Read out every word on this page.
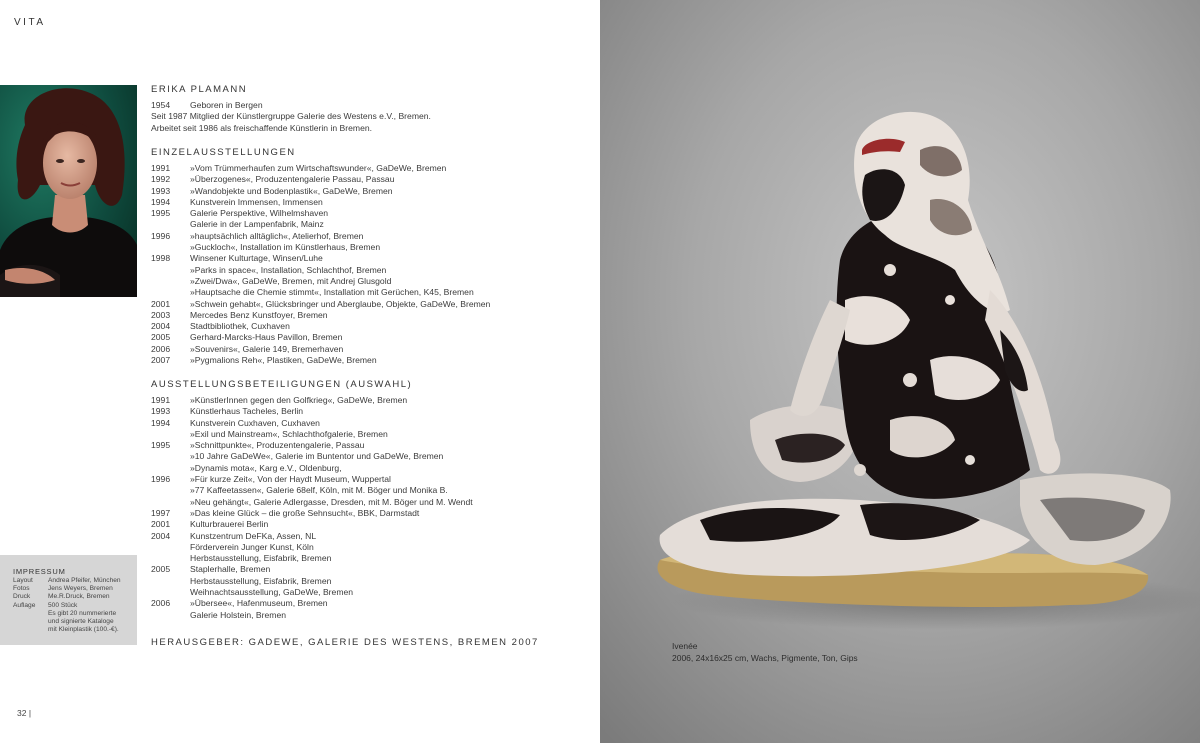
VITA
ERIKA PLAMANN
1954 Geboren in Bergen
Seit 1987 Mitglied der Künstlergruppe Galerie des Westens e.V., Bremen.
Arbeitet seit 1986 als freischaffende Künstlerin in Bremen.
EINZELAUSSTELLUNGEN
1991 »Vom Trümmerhaufen zum Wirtschaftswunder«, GaDeWe, Bremen
1992 »Überzogenes«, Produzentengalerie Passau, Passau
1993 »Wandobjekte und Bodenplastik«, GaDeWe, Bremen
1994 Kunstverein Immensen, Immensen
1995 Galerie Perspektive, Wilhelmshaven
Galerie in der Lampenfabrik, Mainz
1996 »hauptsächlich alltäglich«, Atelierhof, Bremen
»Guckloch«, Installation im Künstlerhaus, Bremen
1998 Winsener Kulturtage, Winsen/Luhe
»Parks in space«, Installation, Schlachthof, Bremen
»Zwei/Dwa«, GaDeWe, Bremen, mit Andrej Glusgold
»Hauptsache die Chemie stimmt«, Installation mit Gerüchen, K45, Bremen
2001 »Schwein gehabt«, Glücksbringer und Aberglaube, Objekte, GaDeWe, Bremen
2003 Mercedes Benz Kunstfoyer, Bremen
2004 Stadtbibliothek, Cuxhaven
2005 Gerhard-Marcks-Haus Pavillon, Bremen
2006 »Souvenirs«, Galerie 149, Bremerhaven
2007 »Pygmalions Reh«, Plastiken, GaDeWe, Bremen
AUSSTELLUNGSBETEILIGUNGEN (AUSWAHL)
1991 »KünstlerInnen gegen den Golfkrieg«, GaDeWe, Bremen
1993 Künstlerhaus Tacheles, Berlin
1994 Kunstverein Cuxhaven, Cuxhaven
»Exil und Mainstream«, Schlachthofgalerie, Bremen
1995 »Schnittpunkte«, Produzentengalerie, Passau
»10 Jahre GaDeWe«, Galerie im Buntentor und GaDeWe, Bremen
»Dynamis mota«, Karg e.V., Oldenburg,
1996 »Für kurze Zeit«, Von der Haydt Museum, Wuppertal
»77 Kaffeetassen«, Galerie 68elf, Köln, mit M. Böger und Monika B.
»Neu gehängt«, Galerie Adlergasse, Dresden, mit M. Böger und M. Wendt
1997 »Das kleine Glück – die große Sehnsucht«, BBK, Darmstadt
2001 Kulturbrauerei Berlin
2004 Kunstzentrum DeFKa, Assen, NL
Förderverein Junger Kunst, Köln
Herbstausstellung, Eisfabrik, Bremen
2005 Staplerhalle, Bremen
Herbstausstellung, Eisfabrik, Bremen
Weihnachtsausstellung, GaDeWe, Bremen
2006 »Übersee«, Hafenmuseum, Bremen
Galerie Holstein, Bremen
HERAUSGEBER: GADEWE, GALERIE DES WESTENS, BREMEN 2007
IMPRESSUM
Layout Andrea Pfeifer, München
Fotos	Jens Weyers, Bremen
Druck	Me.R.Druck, Bremen
Auflage 500 Stück
Es gibt 20 nummerierte
und signierte Kataloge
mit Kleinplastik (100.-€).
32 |
Ivenée
2006, 24x16x25 cm, Wachs, Pigmente, Ton, Gips
